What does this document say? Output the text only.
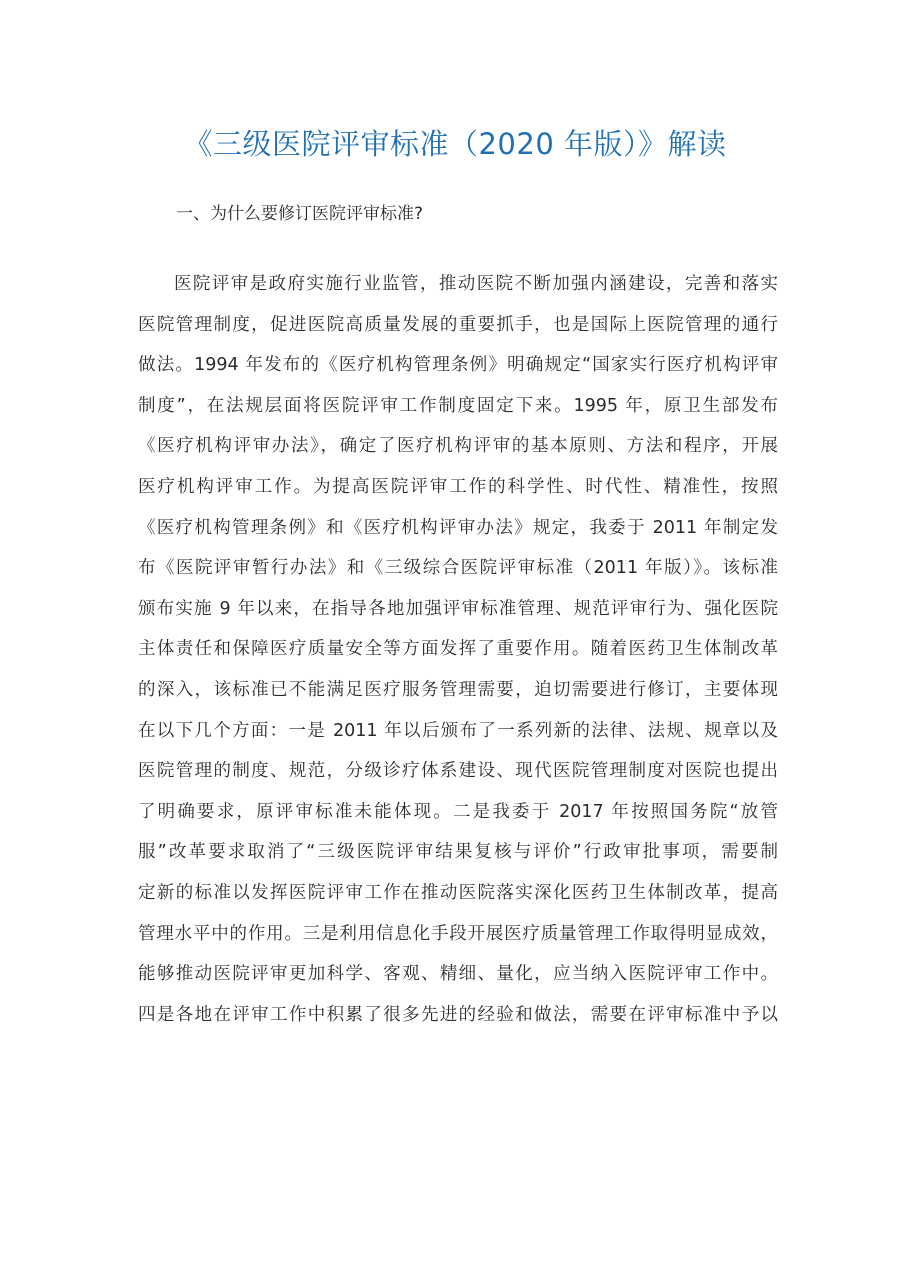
《三级医院评审标准（2020 年版）》解读

一、为什么要修订医院评审标准?

医院评审是政府实施行业监管，推动医院不断加强内涵建设，完善和落实
医院管理制度，促进医院高质量发展的重要抓手，也是国际上医院管理的通行
做法。1994 年发布的《医疗机构管理条例》明确规定“国家实行医疗机构评审
制度”，在法规层面将医院评审工作制度固定下来。1995 年，原卫生部发布
《医疗机构评审办法》，确定了医疗机构评审的基本原则、方法和程序，开展
医疗机构评审工作。为提高医院评审工作的科学性、时代性、精准性，按照
《医疗机构管理条例》和《医疗机构评审办法》规定，我委于 2011 年制定发
布《医院评审暂行办法》和《三级综合医院评审标准（2011 年版）》。该标准
颁布实施 9 年以来，在指导各地加强评审标准管理、规范评审行为、强化医院
主体责任和保障医疗质量安全等方面发挥了重要作用。随着医药卫生体制改革
的深入，该标准已不能满足医疗服务管理需要，迫切需要进行修订，主要体现
在以下几个方面：一是 2011 年以后颁布了一系列新的法律、法规、规章以及
医院管理的制度、规范，分级诊疗体系建设、现代医院管理制度对医院也提出
了明确要求，原评审标准未能体现。二是我委于 2017 年按照国务院“放管
服”改革要求取消了“三级医院评审结果复核与评价”行政审批事项，需要制
定新的标准以发挥医院评审工作在推动医院落实深化医药卫生体制改革，提高
管理水平中的作用。三是利用信息化手段开展医疗质量管理工作取得明显成效，
能够推动医院评审更加科学、客观、精细、量化，应当纳入医院评审工作中。
四是各地在评审工作中积累了很多先进的经验和做法，需要在评审标准中予以
